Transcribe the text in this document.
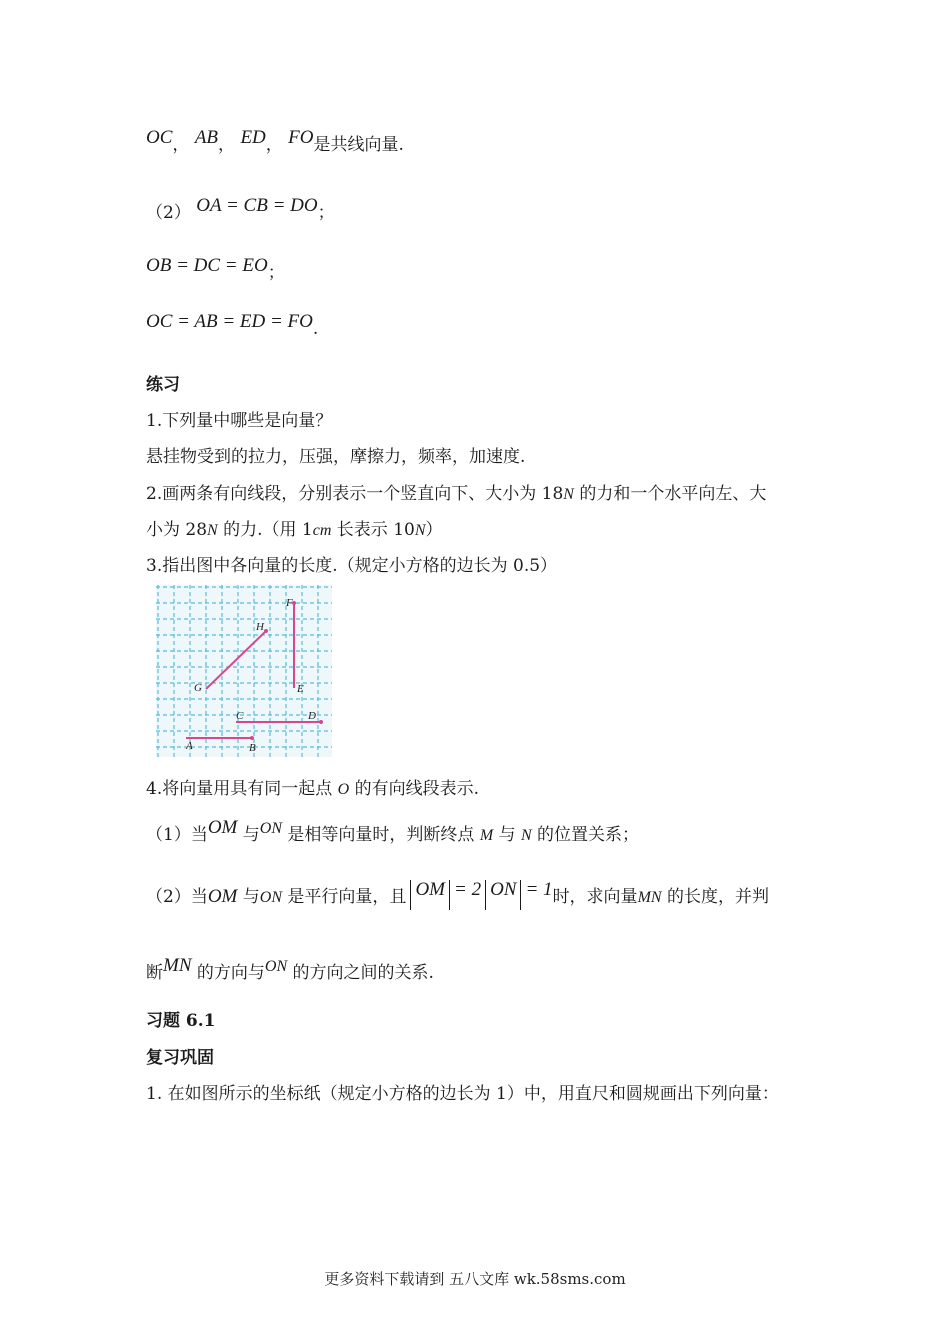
OC， AB， ED， FO是共线向量.
（2） OA = CB = DO；
OB = DC = EO；
OC = AB = ED = FO.
练习
1.下列量中哪些是向量？
悬挂物受到的拉力，压强，摩擦力，频率，加速度.
2.画两条有向线段，分别表示一个竖直向下、大小为 18N 的力和一个水平向左、大
小为 28N 的力.（用 1cm 长表示 10N）
3.指出图中各向量的长度.（规定小方格的边长为 0.5）
F
H
G	E
C	D
A	B
4.将向量用具有同一起点 O 的有向线段表示.
（1）当OM 与ON 是相等向量时，判断终点 M 与 N 的位置关系；
（2）当OM 与ON 是平行向量，且 OM = 2 ON = 1时，求向量MN 的长度，并判
断MN 的方向与ON 的方向之间的关系.
习题 6.1
复习巩固
1. 在如图所示的坐标纸（规定小方格的边长为 1）中，用直尺和圆规画出下列向量：
更多资料下载请到 五八文库 wk.58sms.com
